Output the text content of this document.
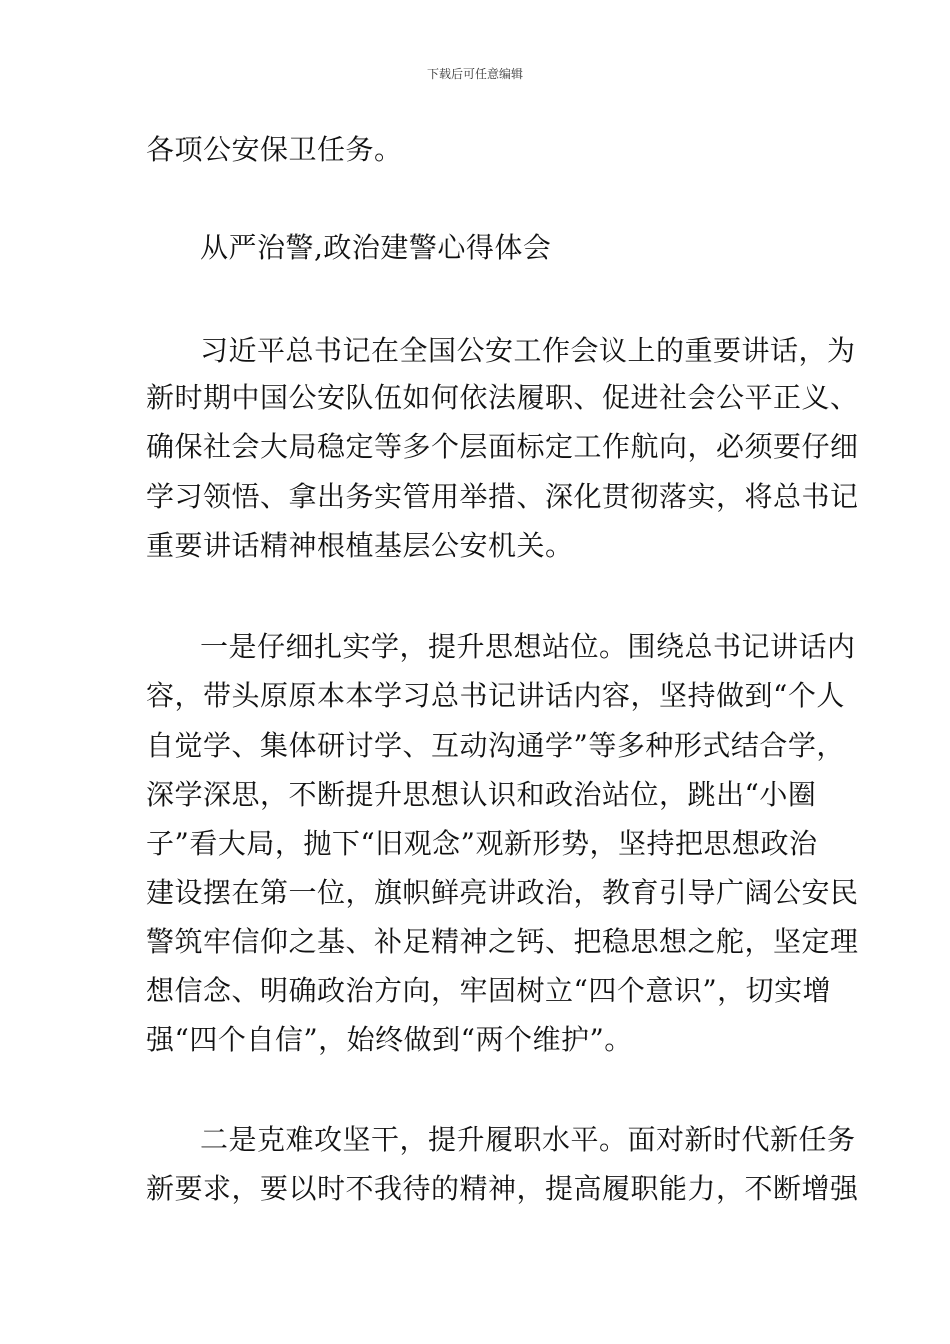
下载后可任意编辑
各项公安保卫任务。
从严治警,政治建警心得体会
习近平总书记在全国公安工作会议上的重要讲话，为
新时期中国公安队伍如何依法履职、促进社会公平正义、
确保社会大局稳定等多个层面标定工作航向，必须要仔细
学习领悟、拿出务实管用举措、深化贯彻落实，将总书记
重要讲话精神根植基层公安机关。
一是仔细扎实学，提升思想站位。围绕总书记讲话内
容，带头原原本本学习总书记讲话内容，坚持做到“个人
自觉学、集体研讨学、互动沟通学”等多种形式结合学，
深学深思，不断提升思想认识和政治站位，跳出“小圈
子”看大局，抛下“旧观念”观新形势，坚持把思想政治
建设摆在第一位，旗帜鲜亮讲政治，教育引导广阔公安民
警筑牢信仰之基、补足精神之钙、把稳思想之舵，坚定理
想信念、明确政治方向，牢固树立“四个意识”，切实增
强“四个自信”，始终做到“两个维护”。
二是克难攻坚干，提升履职水平。面对新时代新任务
新要求，要以时不我待的精神，提高履职能力，不断增强
